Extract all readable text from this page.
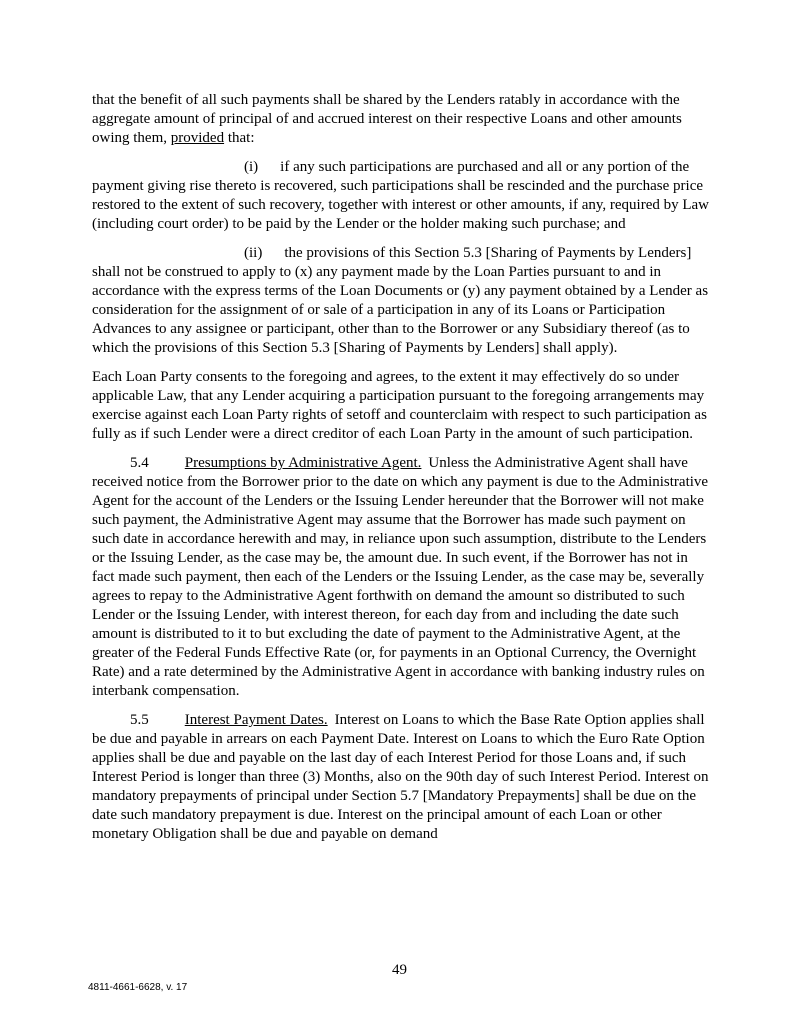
that the benefit of all such payments shall be shared by the Lenders ratably in accordance with the aggregate amount of principal of and accrued interest on their respective Loans and other amounts owing them, provided that:

(i) if any such participations are purchased and all or any portion of the payment giving rise thereto is recovered, such participations shall be rescinded and the purchase price restored to the extent of such recovery, together with interest or other amounts, if any, required by Law (including court order) to be paid by the Lender or the holder making such purchase; and

(ii) the provisions of this Section 5.3 [Sharing of Payments by Lenders] shall not be construed to apply to (x) any payment made by the Loan Parties pursuant to and in accordance with the express terms of the Loan Documents or (y) any payment obtained by a Lender as consideration for the assignment of or sale of a participation in any of its Loans or Participation Advances to any assignee or participant, other than to the Borrower or any Subsidiary thereof (as to which the provisions of this Section 5.3 [Sharing of Payments by Lenders] shall apply).

Each Loan Party consents to the foregoing and agrees, to the extent it may effectively do so under applicable Law, that any Lender acquiring a participation pursuant to the foregoing arrangements may exercise against each Loan Party rights of setoff and counterclaim with respect to such participation as fully as if such Lender were a direct creditor of each Loan Party in the amount of such participation.

5.4 Presumptions by Administrative Agent. Unless the Administrative Agent shall have received notice from the Borrower prior to the date on which any payment is due to the Administrative Agent for the account of the Lenders or the Issuing Lender hereunder that the Borrower will not make such payment, the Administrative Agent may assume that the Borrower has made such payment on such date in accordance herewith and may, in reliance upon such assumption, distribute to the Lenders or the Issuing Lender, as the case may be, the amount due. In such event, if the Borrower has not in fact made such payment, then each of the Lenders or the Issuing Lender, as the case may be, severally agrees to repay to the Administrative Agent forthwith on demand the amount so distributed to such Lender or the Issuing Lender, with interest thereon, for each day from and including the date such amount is distributed to it to but excluding the date of payment to the Administrative Agent, at the greater of the Federal Funds Effective Rate (or, for payments in an Optional Currency, the Overnight Rate) and a rate determined by the Administrative Agent in accordance with banking industry rules on interbank compensation.

5.5 Interest Payment Dates. Interest on Loans to which the Base Rate Option applies shall be due and payable in arrears on each Payment Date. Interest on Loans to which the Euro Rate Option applies shall be due and payable on the last day of each Interest Period for those Loans and, if such Interest Period is longer than three (3) Months, also on the 90th day of such Interest Period. Interest on mandatory prepayments of principal under Section 5.7 [Mandatory Prepayments] shall be due on the date such mandatory prepayment is due. Interest on the principal amount of each Loan or other monetary Obligation shall be due and payable on demand

49
4811-4661-6628, v. 17
